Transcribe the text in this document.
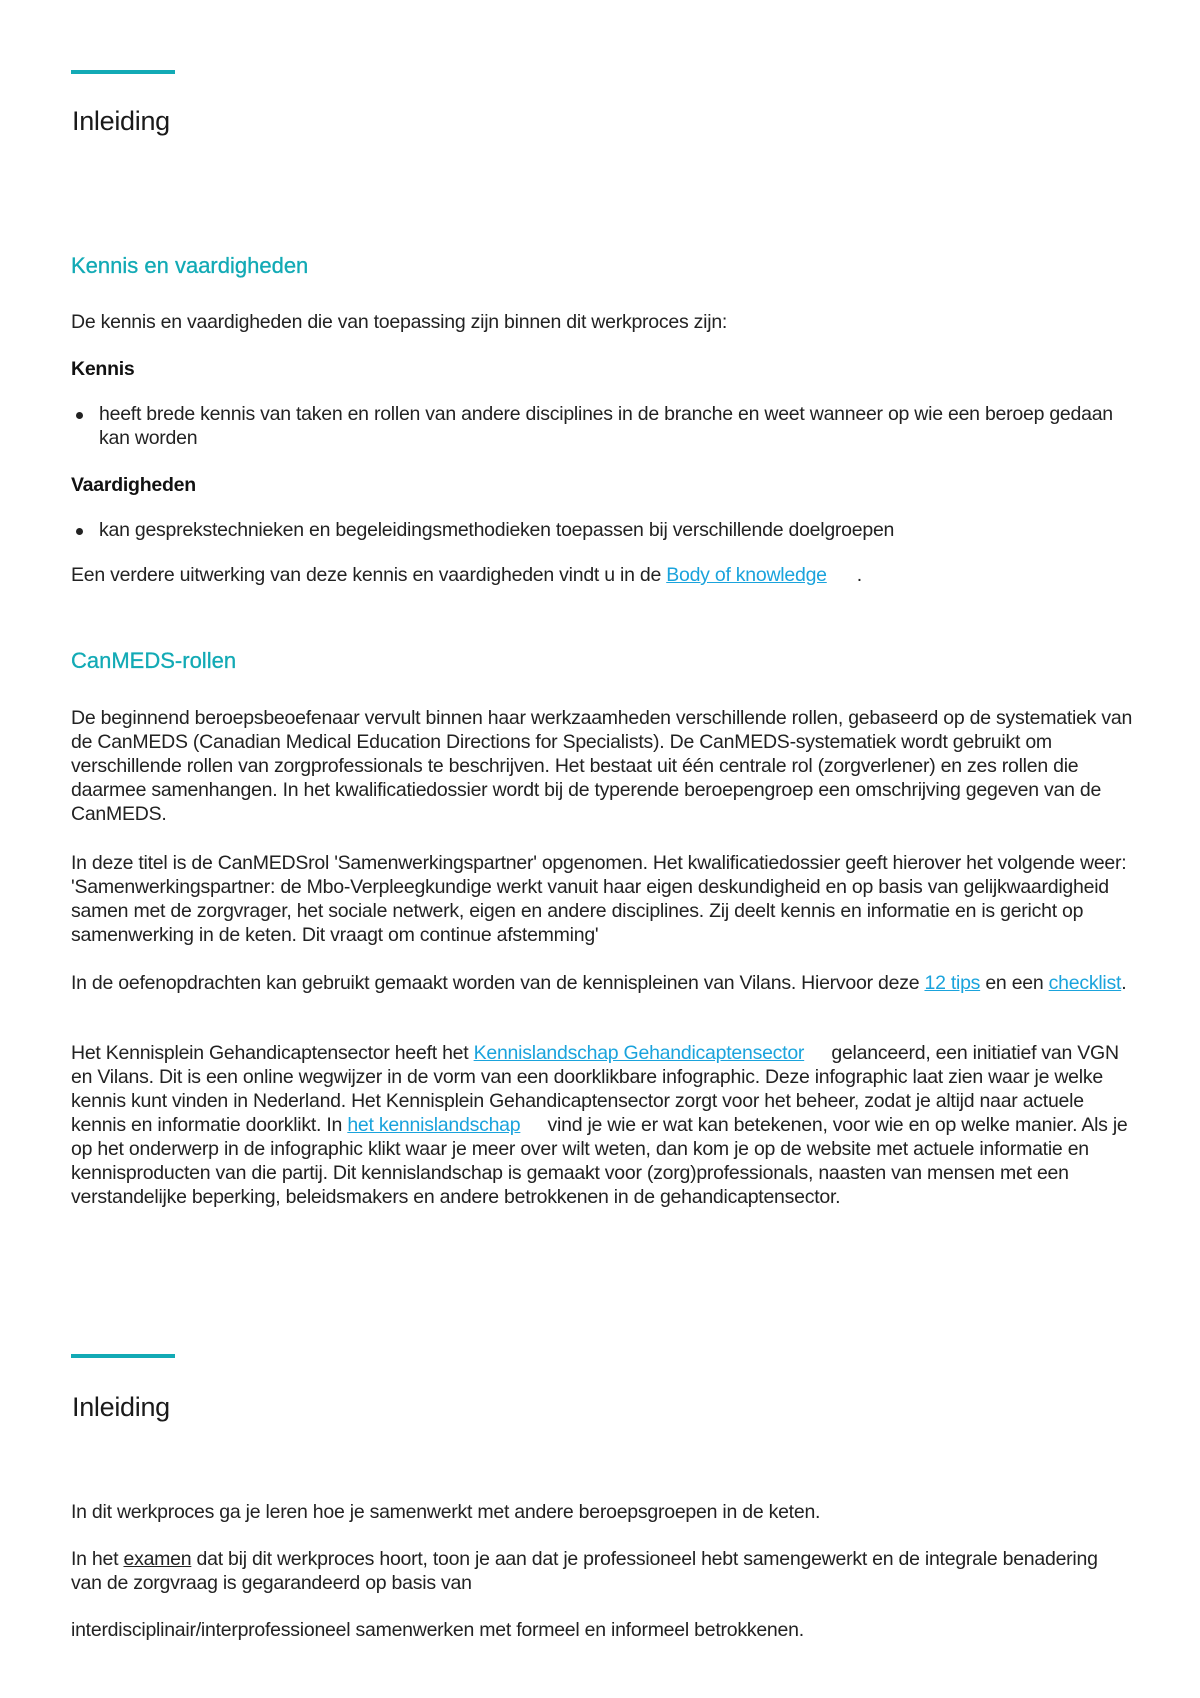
Inleiding
Kennis en vaardigheden

De kennis en vaardigheden die van toepassing zijn binnen dit werkproces zijn:

Kennis
heeft brede kennis van taken en rollen van andere disciplines in de branche en weet wanneer op wie een beroep gedaan kan worden
Vaardigheden
kan gesprekstechnieken en begeleidingsmethodieken toepassen bij verschillende doelgroepen

Een verdere uitwerking van deze kennis en vaardigheden vindt u in de Body of knowledge .

CanMEDS-rollen

De beginnend beroepsbeoefenaar vervult binnen haar werkzaamheden verschillende rollen, gebaseerd op de systematiek van de CanMEDS (Canadian Medical Education Directions for Specialists). De CanMEDS-systematiek wordt gebruikt om verschillende rollen van zorgprofessionals te beschrijven. Het bestaat uit één centrale rol (zorgverlener) en zes rollen die daarmee samenhangen. In het kwalificatiedossier wordt bij de typerende beroepengroep een omschrijving gegeven van de CanMEDS.

In deze titel is de CanMEDSrol 'Samenwerkingspartner' opgenomen. Het kwalificatiedossier geeft hierover het volgende weer: 'Samenwerkingspartner: de Mbo-Verpleegkundige werkt vanuit haar eigen deskundigheid en op basis van gelijkwaardigheid samen met de zorgvrager, het sociale netwerk, eigen en andere disciplines. Zij deelt kennis en informatie en is gericht op samenwerking in de keten. Dit vraagt om continue afstemming'

In de oefenopdrachten kan gebruikt gemaakt worden van de kennispleinen van Vilans. Hiervoor deze 12 tips en een checklist.

Het Kennisplein Gehandicaptensector heeft het Kennislandschap Gehandicaptensector gelanceerd, een initiatief van VGN en Vilans. Dit is een online wegwijzer in de vorm van een doorklikbare infographic. Deze infographic laat zien waar je welke kennis kunt vinden in Nederland. Het Kennisplein Gehandicaptensector zorgt voor het beheer, zodat je altijd naar actuele kennis en informatie doorklikt. In het kennislandschap vind je wie er wat kan betekenen, voor wie en op welke manier. Als je op het onderwerp in de infographic klikt waar je meer over wilt weten, dan kom je op de website met actuele informatie en kennisproducten van die partij. Dit kennislandschap is gemaakt voor (zorg)professionals, naasten van mensen met een verstandelijke beperking, beleidsmakers en andere betrokkenen in de gehandicaptensector.

Inleiding

In dit werkproces ga je leren hoe je samenwerkt met andere beroepsgroepen in de keten.

In het examen dat bij dit werkproces hoort, toon je aan dat je professioneel hebt samengewerkt en de integrale benadering van de zorgvraag is gegarandeerd op basis van

interdisciplinair/interprofessioneel samenwerken met formeel en informeel betrokkenen.
